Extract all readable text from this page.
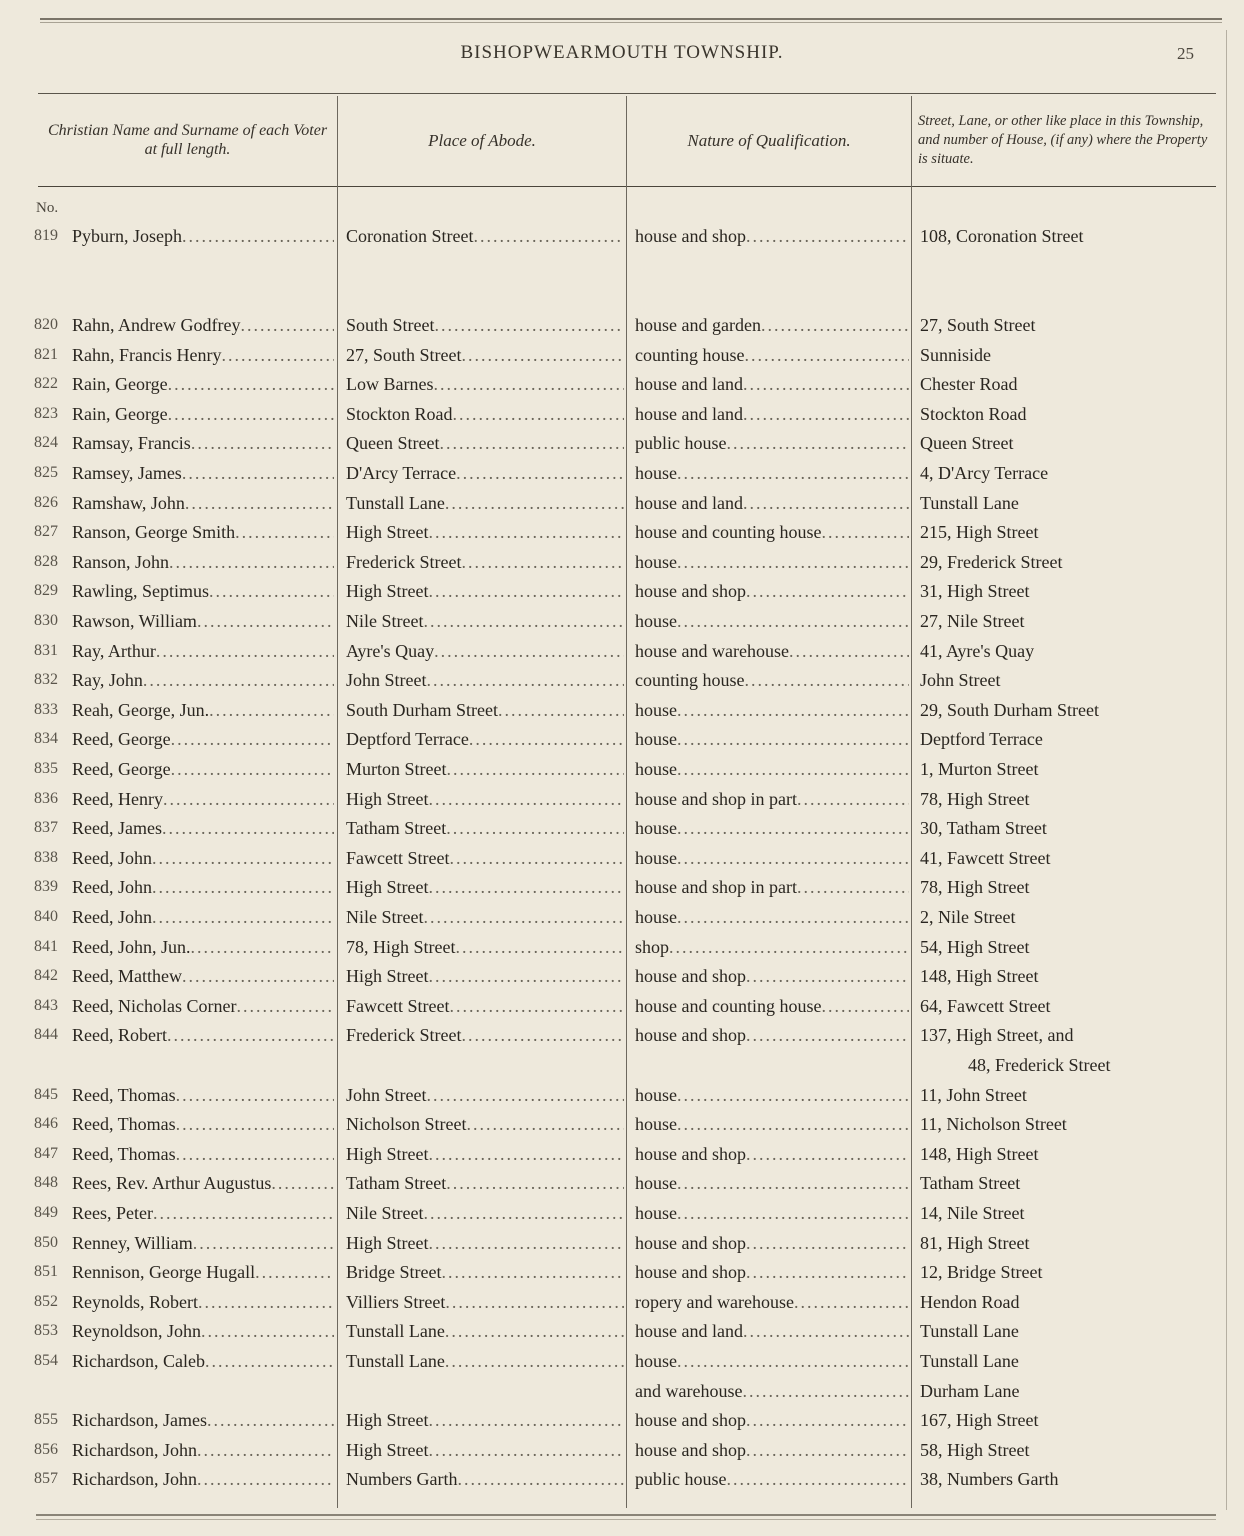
BISHOPWEARMOUTH TOWNSHIP.	25
Christian Name and Surname of each Voter at full length.	Place of Abode.	Nature of Qualification.
Street, Lane, or other like place in this Township, and number of House, (if any) where the Property is situate.
No.
819 Pyburn, Joseph .....	Coronation Street .....	house and shop .....	108, Coronation Street
820 Rahn, Andrew Godfrey .....	South Street .....	house and garden .....	27, South Street
821 Rahn, Francis Henry .....	27, South Street .....	counting house .....	Sunniside
822 Rain, George .....	Low Barnes .....	house and land .....	Chester Road
823 Rain, George .....	Stockton Road .....	house and land .....	Stockton Road
824 Ramsay, Francis .....	Queen Street .....	public house .....	Queen Street
825 Ramsey, James .....	D'Arcy Terrace .....	house .....	4, D'Arcy Terrace
826 Ramshaw, John .....	Tunstall Lane .....	house and land .....	Tunstall Lane
827 Ranson, George Smith .....	High Street .....	house and counting house .....	215, High Street
828 Ranson, John .....	Frederick Street .....	house .....	29, Frederick Street
829 Rawling, Septimus .....	High Street .....	house and shop .....	31, High Street
830 Rawson, William .....	Nile Street .....	house .....	27, Nile Street
831 Ray, Arthur .....	Ayre's Quay .....	house and warehouse .....	41, Ayre's Quay
832 Ray, John .....	John Street .....	counting house .....	John Street
833 Reah, George, Jun. .....	South Durham Street .....	house .....	29, South Durham Street
834 Reed, George .....	Deptford Terrace .....	house .....	Deptford Terrace
835 Reed, George .....	Murton Street .....	house .....	1, Murton Street
836 Reed, Henry .....	High Street .....	house and shop in part .....	78, High Street
837 Reed, James .....	Tatham Street .....	house .....	30, Tatham Street
838 Reed, John .....	Fawcett Street .....	house .....	41, Fawcett Street
839 Reed, John .....	High Street .....	house and shop in part .....	78, High Street
840 Reed, John .....	Nile Street .....	house .....	2, Nile Street
841 Reed, John, Jun. .....	78, High Street .....	shop .....	54, High Street
842 Reed, Matthew .....	High Street .....	house and shop .....	148, High Street
843 Reed, Nicholas Corner .....	Fawcett Street .....	house and counting house .....	64, Fawcett Street
844 Reed, Robert .....	Frederick Street .....	house and shop .....	137, High Street, and
48, Frederick Street
845 Reed, Thomas .....	John Street .....	house .....	11, John Street
846 Reed, Thomas .....	Nicholson Street .....	house .....	11, Nicholson Street
847 Reed, Thomas .....	High Street .....	house and shop .....	148, High Street
848 Rees, Rev. Arthur Augustus .....	Tatham Street .....	house .....	Tatham Street
849 Rees, Peter .....	Nile Street .....	house .....	14, Nile Street
850 Renney, William .....	High Street .....	house and shop .....	81, High Street
851 Rennison, George Hugall .....	Bridge Street .....	house and shop .....	12, Bridge Street
852 Reynolds, Robert .....	Villiers Street .....	ropery and warehouse .....	Hendon Road
853 Reynoldson, John .....	Tunstall Lane .....	house and land .....	Tunstall Lane
854 Richardson, Caleb .....	Tunstall Lane .....	house .....	Tunstall Lane
and warehouse .....	Durham Lane
855 Richardson, James .....	High Street .....	house and shop .....	167, High Street
856 Richardson, John .....	High Street .....	house and shop .....	58, High Street
857 Richardson, John .....	Numbers Garth .....	public house .....	38, Numbers Garth
